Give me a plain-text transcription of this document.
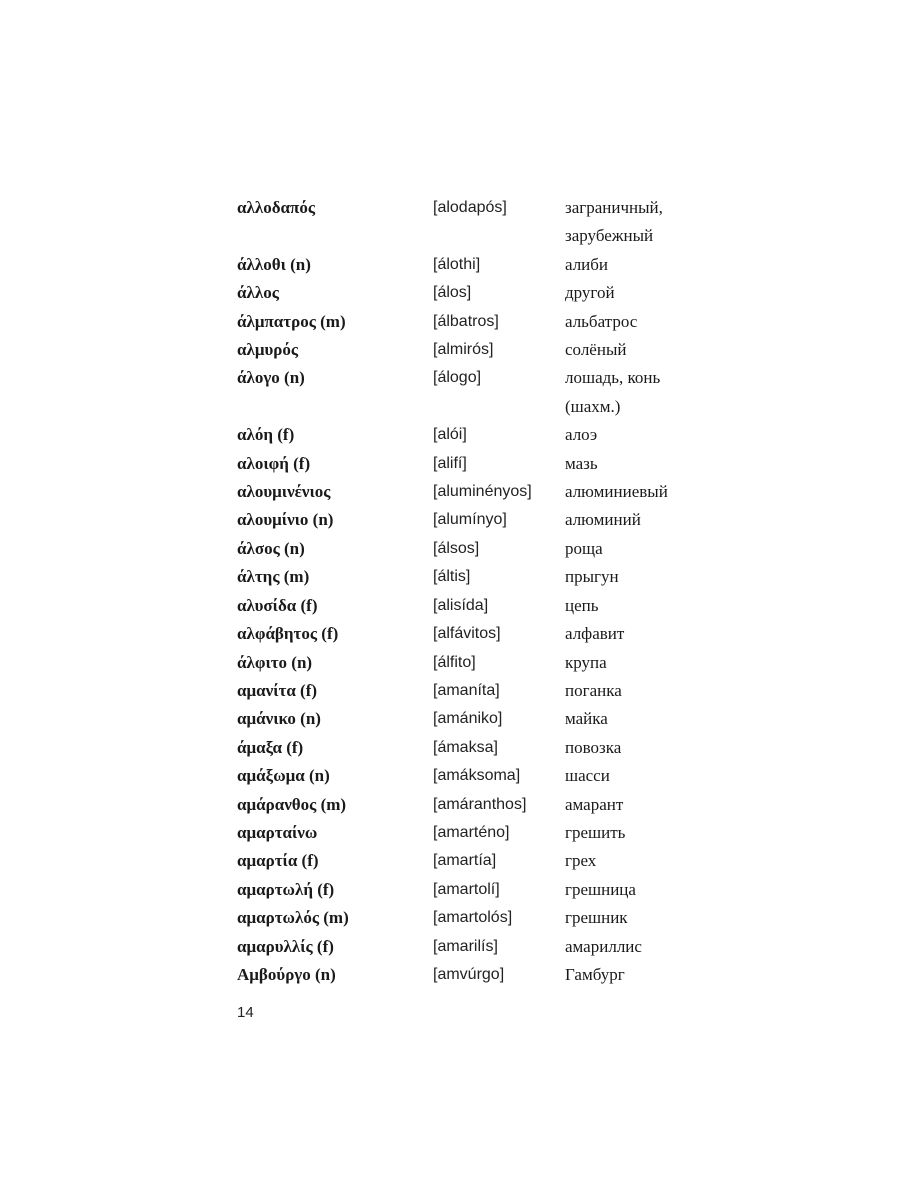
αλλοδαπός	[alodapós]	заграничный,
зарубежный
άλλοθι (n)	[álothi]	алиби
άλλος	[álos]	другой
άλμπατρος (m)	[álbatros]	альбатрос
αλμυρός	[almirós]	солёный
άλογο (n)	[álogo]	лошадь, конь
(шахм.)
αλόη (f)	[alói]	алоэ
αλοιφή (f)	[alifí]	мазь
αλουμινένιος	[aluminényos]	алюминиевый
αλουμίνιο (n)	[alumínyo]	алюминий
άλσος (n)	[álsos]	роща
άλτης (m)	[áltis]	прыгун
αλυσίδα (f)	[alisída]	цепь
αλφάβητος (f)	[alfávitos]	алфавит
άλφιτο (n)	[álfito]	крупа
αμανίτα (f)	[amaníta]	поганка
αμάνικο (n)	[amániko]	майка
άμαξα (f)	[ámaksa]	повозка
αμάξωμα (n)	[amáksoma]	шасси
αμάρανθος (m)	[amáranthos]	амарант
αμαρταίνω	[amarténo]	грешить
αμαρτία (f)	[amartía]	грех
αμαρτωλή (f)	[amartolí]	грешница
αμαρτωλός (m)	[amartolós]	грешник
αμαρυλλίς (f)	[amarilís]	амариллис
Αμβούργο (n)	[amvúrgo]	Гамбург
14
